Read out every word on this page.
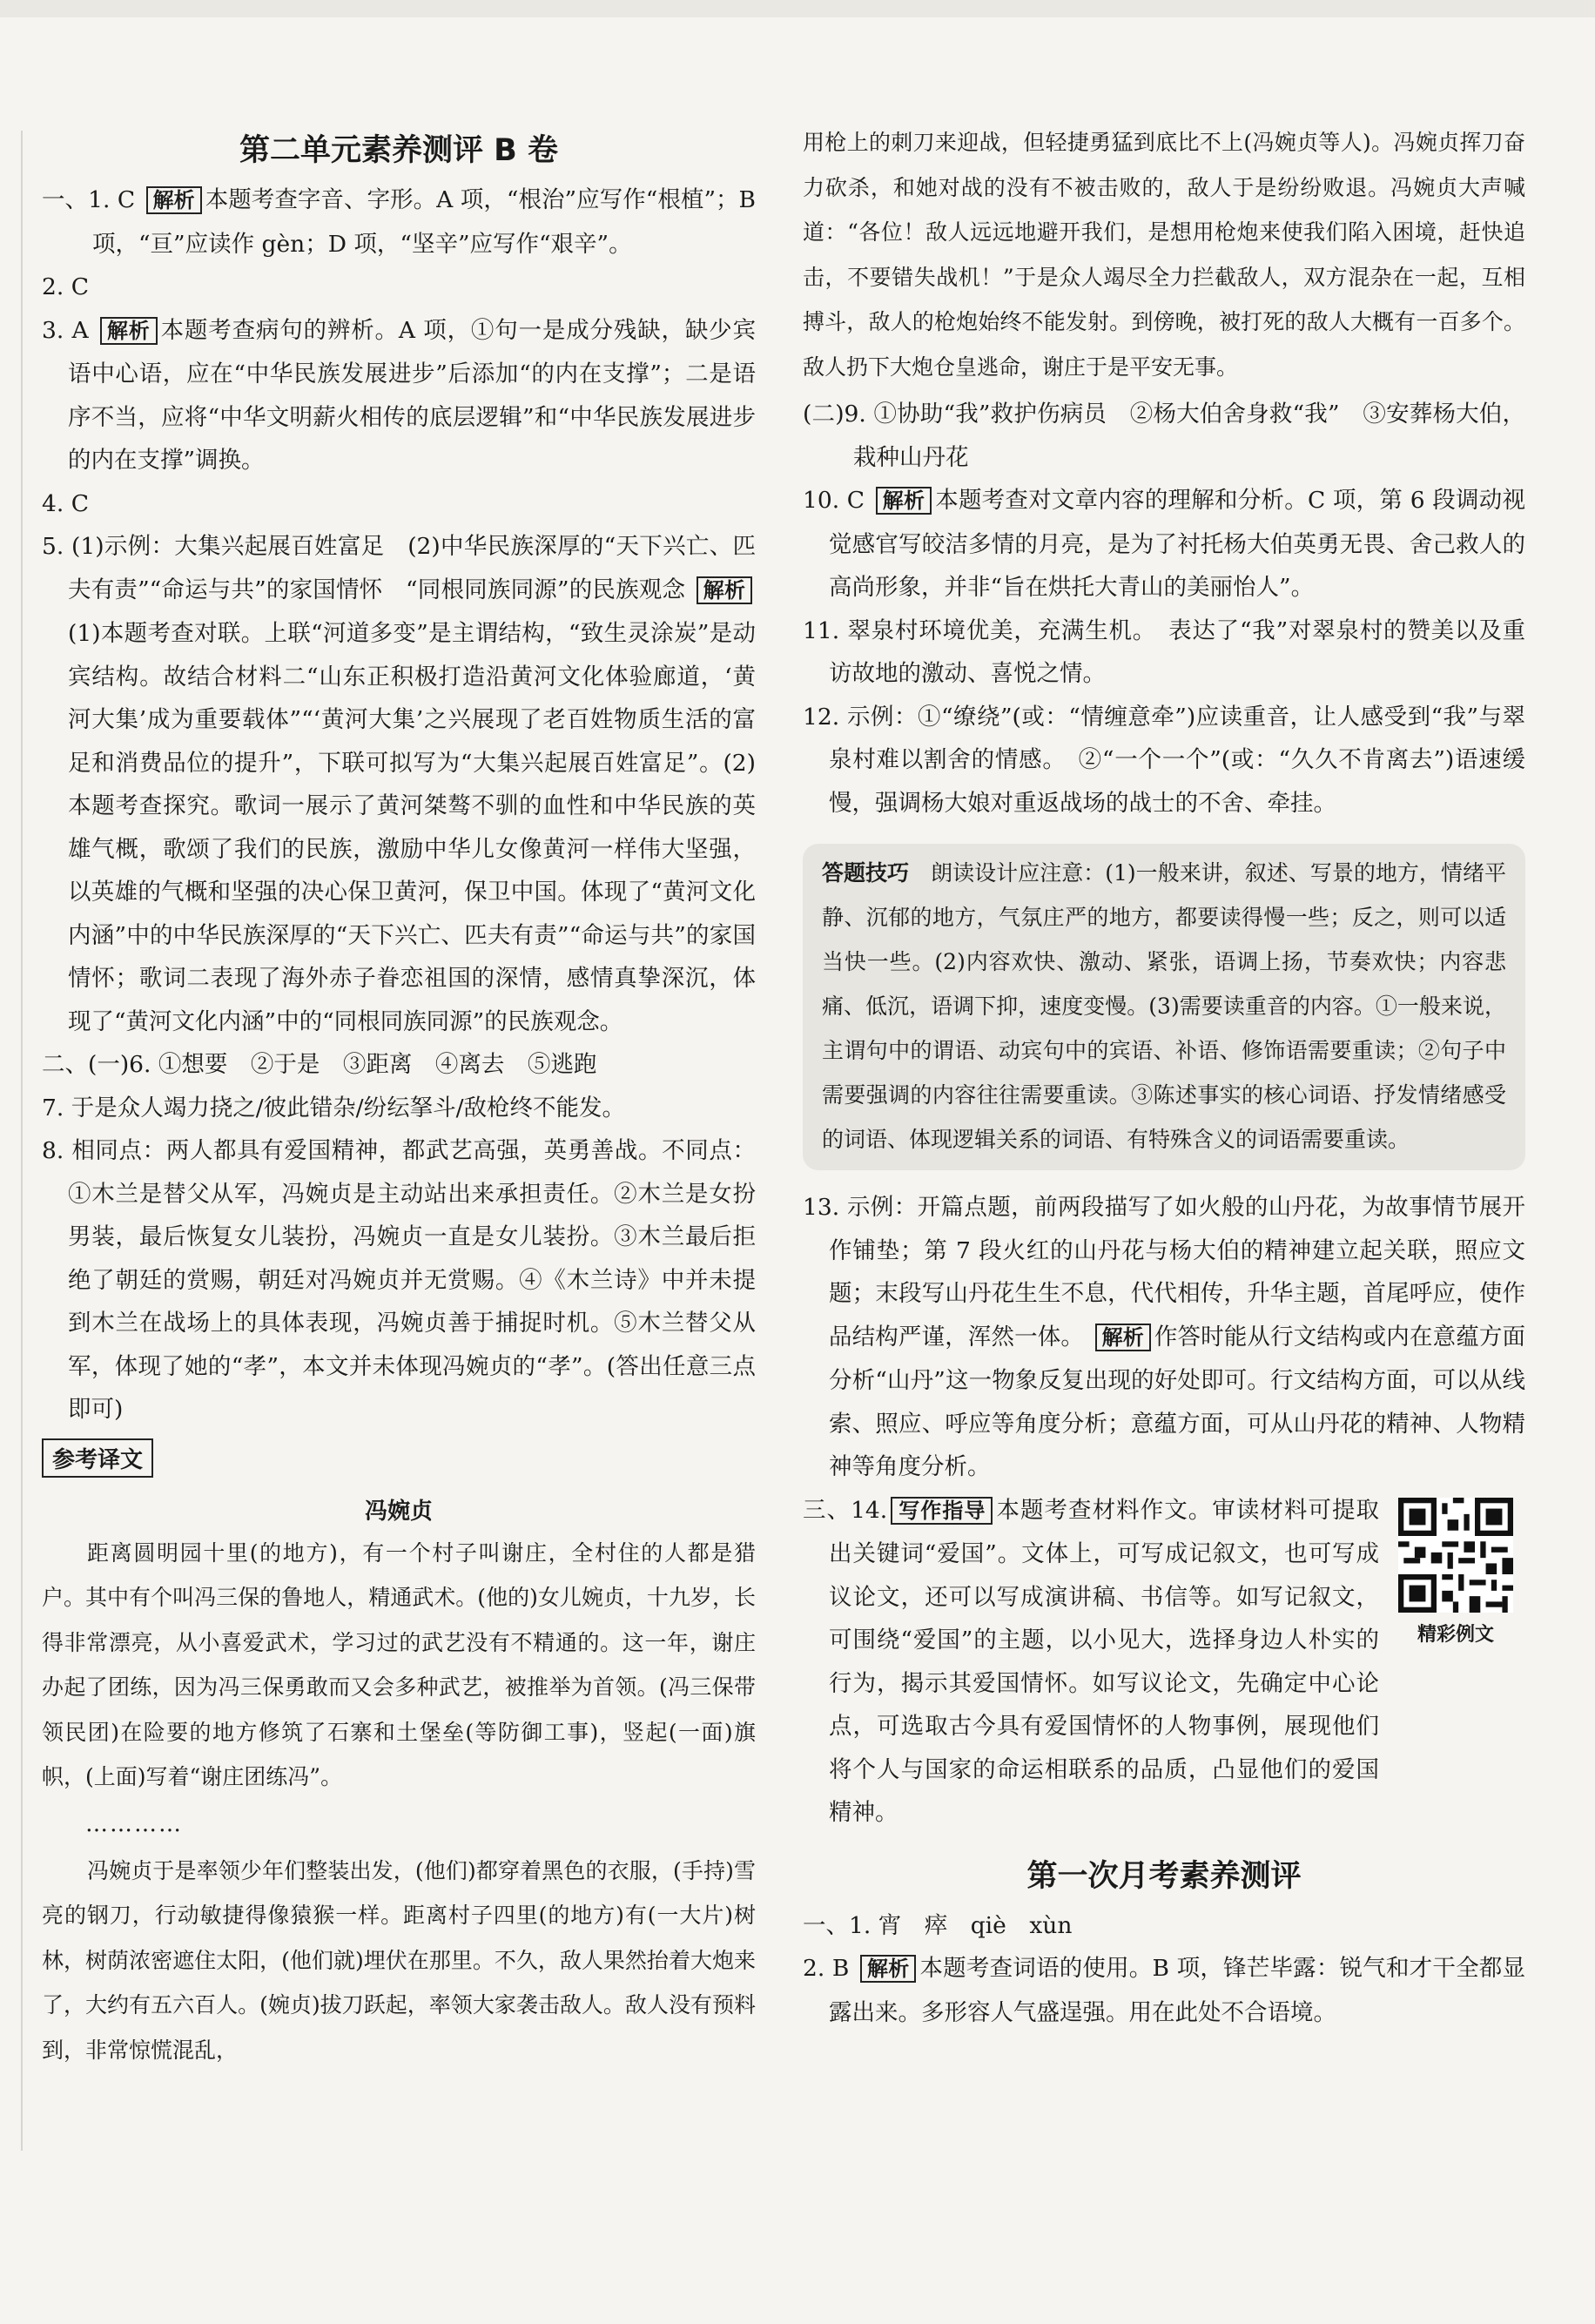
第二单元素养测评 B 卷

一、1. C 解析 本题考查字音、字形。A 项，“根治”应写作“根植”；B 项，“亘”应读作 gèn；D 项，“坚辛”应写作“艰辛”。

2. C

3. A 解析 本题考查病句的辨析。A 项，①句一是成分残缺，缺少宾语中心语，应在“中华民族发展进步”后添加“的内在支撑”；二是语序不当，应将“中华文明薪火相传的底层逻辑”和“中华民族发展进步的内在支撑”调换。

4. C

5. (1)示例：大集兴起展百姓富足　(2)中华民族深厚的“天下兴亡、匹夫有责”“命运与共”的家国情怀　“同根同族同源”的民族观念 解析(1)本题考查对联。上联“河道多变”是主谓结构，“致生灵涂炭”是动宾结构。故结合材料二“山东正积极打造沿黄河文化体验廊道，‘黄河大集’成为重要载体”“‘黄河大集’之兴展现了老百姓物质生活的富足和消费品位的提升”，下联可拟写为“大集兴起展百姓富足”。(2)本题考查探究。歌词一展示了黄河桀骜不驯的血性和中华民族的英雄气概，歌颂了我们的民族，激励中华儿女像黄河一样伟大坚强，以英雄的气概和坚强的决心保卫黄河，保卫中国。体现了“黄河文化内涵”中的中华民族深厚的“天下兴亡、匹夫有责”“命运与共”的家国情怀；歌词二表现了海外赤子眷恋祖国的深情，感情真挚深沉，体现了“黄河文化内涵”中的“同根同族同源”的民族观念。

二、(一)6. ①想要　②于是　③距离　④离去　⑤逃跑

7. 于是众人竭力挠之/彼此错杂/纷纭拏斗/敌枪终不能发。

8. 相同点：两人都具有爱国精神，都武艺高强，英勇善战。不同点：①木兰是替父从军，冯婉贞是主动站出来承担责任。②木兰是女扮男装，最后恢复女儿装扮，冯婉贞一直是女儿装扮。③木兰最后拒绝了朝廷的赏赐，朝廷对冯婉贞并无赏赐。④《木兰诗》中并未提到木兰在战场上的具体表现，冯婉贞善于捕捉时机。⑤木兰替父从军，体现了她的“孝”，本文并未体现冯婉贞的“孝”。(答出任意三点即可)

参考译文
冯婉贞

距离圆明园十里(的地方)，有一个村子叫谢庄，全村住的人都是猎户。其中有个叫冯三保的鲁地人，精通武术。(他的)女儿婉贞，十九岁，长得非常漂亮，从小喜爱武术，学习过的武艺没有不精通的。这一年，谢庄办起了团练，因为冯三保勇敢而又会多种武艺，被推举为首领。(冯三保带领民团)在险要的地方修筑了石寨和土堡垒(等防御工事)，竖起(一面)旗帜，(上面)写着“谢庄团练冯”。

…………

冯婉贞于是率领少年们整装出发，(他们)都穿着黑色的衣服，(手持)雪亮的钢刀，行动敏捷得像猿猴一样。距离村子四里(的地方)有(一大片)树林，树荫浓密遮住太阳，(他们就)埋伏在那里。不久，敌人果然抬着大炮来了，大约有五六百人。(婉贞)拔刀跃起，率领大家袭击敌人。敌人没有预料到，非常惊慌混乱，

用枪上的刺刀来迎战，但轻捷勇猛到底比不上(冯婉贞等人)。冯婉贞挥刀奋力砍杀，和她对战的没有不被击败的，敌人于是纷纷败退。冯婉贞大声喊道：“各位！敌人远远地避开我们，是想用枪炮来使我们陷入困境，赶快追击，不要错失战机！”于是众人竭尽全力拦截敌人，双方混杂在一起，互相搏斗，敌人的枪炮始终不能发射。到傍晚，被打死的敌人大概有一百多个。敌人扔下大炮仓皇逃命，谢庄于是平安无事。

(二)9. ①协助“我”救护伤病员　②杨大伯舍身救“我”　③安葬杨大伯，栽种山丹花

10. C 解析 本题考查对文章内容的理解和分析。C 项，第 6 段调动视觉感官写皎洁多情的月亮，是为了衬托杨大伯英勇无畏、舍己救人的高尚形象，并非“旨在烘托大青山的美丽怡人”。

11. 翠泉村环境优美，充满生机。　表达了“我”对翠泉村的赞美以及重访故地的激动、喜悦之情。

12. 示例：①“缭绕”(或：“情缠意牵”)应读重音，让人感受到“我”与翠泉村难以割舍的情感。　②“一个一个”(或：“久久不肯离去”)语速缓慢，强调杨大娘对重返战场的战士的不舍、牵挂。

答题技巧　 朗读设计应注意：(1)一般来讲，叙述、写景的地方，情绪平静、沉郁的地方，气氛庄严的地方，都要读得慢一些；反之，则可以适当快一些。(2)内容欢快、激动、紧张，语调上扬，节奏欢快；内容悲痛、低沉，语调下抑，速度变慢。(3)需要读重音的内容。①一般来说，主谓句中的谓语、动宾句中的宾语、补语、修饰语需要重读；②句子中需要强调的内容往往需要重读。③陈述事实的核心词语、抒发情绪感受的词语、体现逻辑关系的词语、有特殊含义的词语需要重读。

13. 示例：开篇点题，前两段描写了如火般的山丹花，为故事情节展开作铺垫；第 7 段火红的山丹花与杨大伯的精神建立起关联，照应文题；末段写山丹花生生不息，代代相传，升华主题，首尾呼应，使作品结构严谨，浑然一体。 解析 作答时能从行文结构或内在意蕴方面分析“山丹”这一物象反复出现的好处即可。行文结构方面，可以从线索、照应、呼应等角度分析；意蕴方面，可从山丹花的精神、人物精神等角度分析。

三、14. 写作指导 本题考查材料作文。审读材料可提取出关键词“爱国”。文体上，可写成记叙文，也可写成议论文，还可以写成演讲稿、书信等。如写记叙文，可围绕“爱国”的主题，以小见大，选择身边人朴实的行为，揭示其爱国情怀。如写议论文，先确定中心论点，可选取古今具有爱国情怀的人物事例，展现他们将个人与国家的命运相联系的品质，凸显他们的爱国精神。

精彩例文
第一次月考素养测评

一、1. 宵　瘁　qiè　xùn

2. B 解析 本题考查词语的使用。B 项，锋芒毕露：锐气和才干全都显露出来。多形容人气盛逞强。用在此处不合语境。
